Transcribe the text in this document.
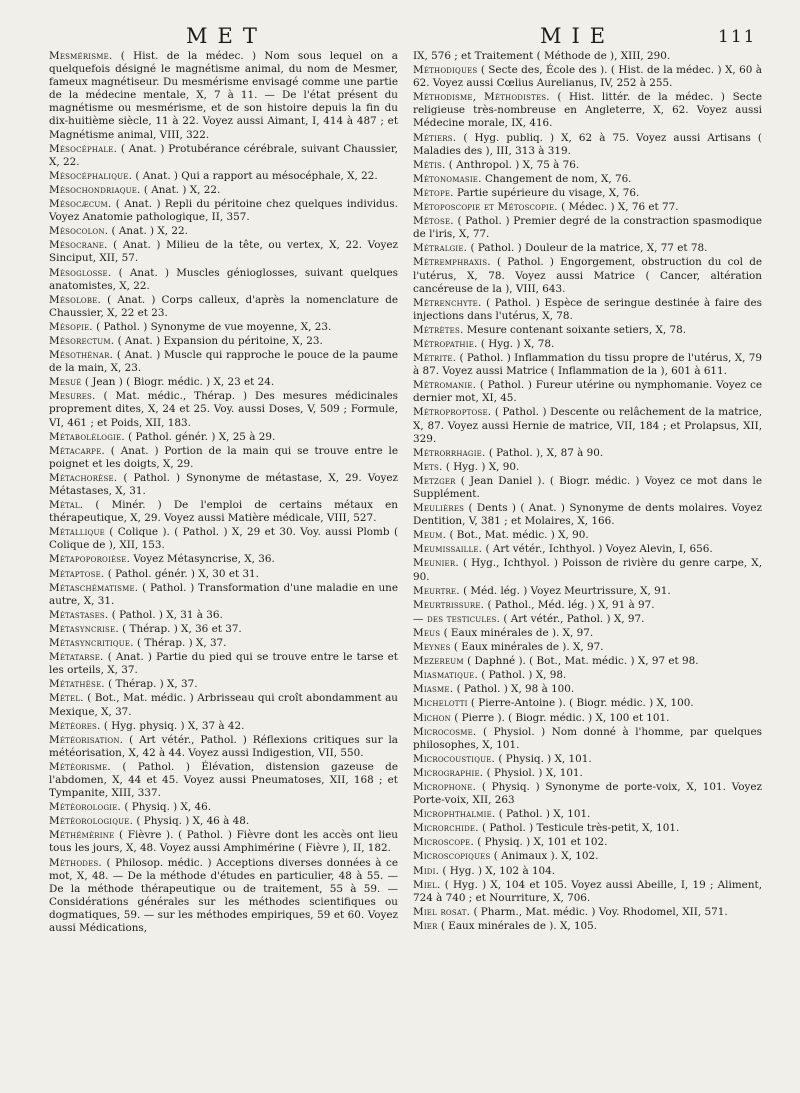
MET	MIE	111

Mesmérisme. ( Hist. de la médec. ) Nom sous lequel on a quelquefois désigné le magnétisme animal, du nom de Mesmer, fameux magnétiseur. Du mesmérisme envisagé comme une partie de la médecine mentale, X, 7 à 11. — De l'état présent du magnétisme ou mesmérisme, et de son histoire depuis la fin du dix-huitième siècle, 11 à 22. Voyez aussi Aimant, I, 414 à 487 ; et Magnétisme animal, VIII, 322.

Mésocéphale. ( Anat. ) Protubérance cérébrale, suivant Chaussier, X, 22.

Mésocéphalique. ( Anat. ) Qui a rapport au mésocéphale, X, 22.

Mésochondriaque. ( Anat. ) X, 22.

Mésocæcum. ( Anat. ) Repli du péritoine chez quelques individus. Voyez Anatomie pathologique, II, 357.

Mésocolon. ( Anat. ) X, 22.

Mésocrane. ( Anat. ) Milieu de la tête, ou vertex, X, 22. Voyez Sinciput, XII, 57.

Mésoglosse. ( Anat. ) Muscles génioglosses, suivant quelques anatomistes, X, 22.

Mésolobe. ( Anat. ) Corps calleux, d'après la nomenclature de Chaussier, X, 22 et 23.

Mésopie. ( Pathol. ) Synonyme de vue moyenne, X, 23.

Mésorectum. ( Anat. ) Expansion du péritoine, X, 23.

Mésothénar. ( Anat. ) Muscle qui rapproche le pouce de la paume de la main, X, 23.

Mesué ( Jean ) ( Biogr. médic. ) X, 23 et 24.

Mesures. ( Mat. médic., Thérap. ) Des mesures médicinales proprement dites, X, 24 et 25. Voy. aussi Doses, V, 509 ; Formule, VI, 461 ; et Poids, XII, 183.

Métabolélogie. ( Pathol. génér. ) X, 25 à 29.

Métacarpe. ( Anat. ) Portion de la main qui se trouve entre le poignet et les doigts, X, 29.

Métachorèse. ( Pathol. ) Synonyme de métastase, X, 29. Voyez Métastases, X, 31.

Métal. ( Minér. ) De l'emploi de certains métaux en thérapeutique, X, 29. Voyez aussi Matière médicale, VIII, 527.

Métallique ( Colique ). ( Pathol. ) X, 29 et 30. Voy. aussi Plomb ( Colique de ), XII, 153.

Métapoporoièse. Voyez Métasyncrise, X, 36.

Métaptose. ( Pathol. génér. ) X, 30 et 31.

Métaschématisme. ( Pathol. ) Transformation d'une maladie en une autre, X, 31.

Métastases. ( Pathol. ) X, 31 à 36.

Métasyncrise. ( Thérap. ) X, 36 et 37.

Métasyncritique. ( Thérap. ) X, 37.

Métatarse. ( Anat. ) Partie du pied qui se trouve entre le tarse et les orteils, X, 37.

Métathèse. ( Thérap. ) X, 37.

Métel. ( Bot., Mat. médic. ) Arbrisseau qui croît abondamment au Mexique, X, 37.

Météores. ( Hyg. physiq. ) X, 37 à 42.

Météorisation. ( Art vétér., Pathol. ) Réflexions critiques sur la météorisation, X, 42 à 44. Voyez aussi Indigestion, VII, 550.

Météorisme. ( Pathol. ) Élévation, distension gazeuse de l'abdomen, X, 44 et 45. Voyez aussi Pneumatoses, XII, 168 ; et Tympanite, XIII, 337.

Météorologie. ( Physiq. ) X, 46.

Météorologique. ( Physiq. ) X, 46 à 48.

Méthémérine ( Fièvre ). ( Pathol. ) Fièvre dont les accès ont lieu tous les jours, X, 48. Voyez aussi Amphimérine ( Fièvre ), II, 182.

Méthodes. ( Philosop. médic. ) Acceptions diverses données à ce mot, X, 48. — De la méthode d'études en particulier, 48 à 55. — De la méthode thérapeutique ou de traitement, 55 à 59. — Considérations générales sur les méthodes scientifiques ou dogmatiques, 59. — sur les méthodes empiriques, 59 et 60. Voyez aussi Médications,

IX, 576 ; et Traitement ( Méthode de ), XIII, 290.

Méthodiques ( Secte des, École des ). ( Hist. de la médec. ) X, 60 à 62. Voyez aussi Cœlius Aurelianus, IV, 252 à 255.

Méthodisme, Méthodistes. ( Hist. littér. de la médec. ) Secte religieuse très-nombreuse en Angleterre, X, 62. Voyez aussi Médecine morale, IX, 416.

Métiers. ( Hyg. publiq. ) X, 62 à 75. Voyez aussi Artisans ( Maladies des ), III, 313 à 319.

Métis. ( Anthropol. ) X, 75 à 76.

Métonomasie. Changement de nom, X, 76.

Métope. Partie supérieure du visage, X, 76.

Métoposcopie et Métoscopie. ( Médec. ) X, 76 et 77.

Métose. ( Pathol. ) Premier degré de la constraction spasmodique de l'iris, X, 77.

Métralgie. ( Pathol. ) Douleur de la matrice, X, 77 et 78.

Métremphraxis. ( Pathol. ) Engorgement, obstruction du col de l'utérus, X, 78. Voyez aussi Matrice ( Cancer, altération cancéreuse de la ), VIII, 643.

Métrenchyte. ( Pathol. ) Espèce de seringue destinée à faire des injections dans l'utérus, X, 78.

Métrètes. Mesure contenant soixante setiers, X, 78.

Métropathie. ( Hyg. ) X, 78.

Métrite. ( Pathol. ) Inflammation du tissu propre de l'utérus, X, 79 à 87. Voyez aussi Matrice ( Inflammation de la ), 601 à 611.

Métromanie. ( Pathol. ) Fureur utérine ou nymphomanie. Voyez ce dernier mot, XI, 45.

Métroproptose. ( Pathol. ) Descente ou relâchement de la matrice, X, 87. Voyez aussi Hernie de matrice, VII, 184 ; et Prolapsus, XII, 329.

Métrorrhagie. ( Pathol. ), X, 87 à 90.

Mets. ( Hyg. ) X, 90.

Metzger ( Jean Daniel ). ( Biogr. médic. ) Voyez ce mot dans le Supplément.

Meulières ( Dents ) ( Anat. ) Synonyme de dents molaires. Voyez Dentition, V, 381 ; et Molaires, X, 166.

Meum. ( Bot., Mat. médic. ) X, 90.

Meumissaille. ( Art vétér., Ichthyol. ) Voyez Alevin, I, 656.

Meunier. ( Hyg., Ichthyol. ) Poisson de rivière du genre carpe, X, 90.

Meurtre. ( Méd. lég. ) Voyez Meurtrissure, X, 91.

Meurtrissure. ( Pathol., Méd. lég. ) X, 91 à 97.

— des testicules. ( Art vétér., Pathol. ) X, 97.

Meus ( Eaux minérales de ). X, 97.

Meynes ( Eaux minérales de ). X, 97.

Mezereum ( Daphné ). ( Bot., Mat. médic. ) X, 97 et 98.

Miasmatique. ( Pathol. ) X, 98.

Miasme. ( Pathol. ) X, 98 à 100.

Michelotti ( Pierre-Antoine ). ( Biogr. médic. ) X, 100.

Michon ( Pierre ). ( Biogr. médic. ) X, 100 et 101.

Microcosme. ( Physiol. ) Nom donné à l'homme, par quelques philosophes, X, 101.

Microcoustique. ( Physiq. ) X, 101.

Micrographie. ( Physiol. ) X, 101.

Microphone. ( Physiq. ) Synonyme de porte-voix, X, 101. Voyez Porte-voix, XII, 263

Microphthalmie. ( Pathol. ) X, 101.

Microrchide. ( Pathol. ) Testicule très-petit, X, 101.

Microscope. ( Physiq. ) X, 101 et 102.

Microscopiques ( Animaux ). X, 102.

Midi. ( Hyg. ) X, 102 à 104.

Miel. ( Hyg. ) X, 104 et 105. Voyez aussi Abeille, I, 19 ; Aliment, 724 à 740 ; et Nourriture, X, 706.

Miel rosat. ( Pharm., Mat. médic. ) Voy. Rhodomel, XII, 571.

Mier ( Eaux minérales de ). X, 105.
